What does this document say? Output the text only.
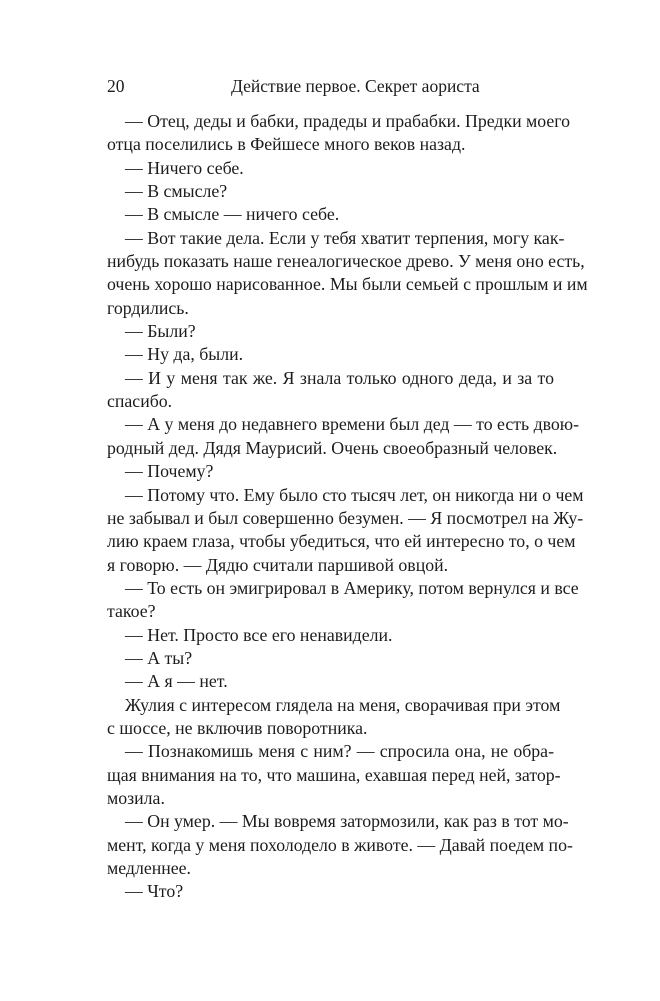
20	Действие первое. Секрет аориста
— Отец, деды и бабки, прадеды и прабабки. Предки моего
отца поселились в Фейшесе много веков назад.
— Ничего себе.
— В смысле?
— В смысле — ничего себе.
— Вот такие дела. Если у тебя хватит терпения, могу как-
нибудь показать наше генеалогическое древо. У меня оно есть,
очень хорошо нарисованное. Мы были семьей с прошлым и им
гордились.
— Были?
— Ну да, были.
— И у меня так же. Я знала только одного деда, и за то
спасибо.
— А у меня до недавнего времени был дед — то есть двою-
родный дед. Дядя Маурисий. Очень своеобразный человек.
— Почему?
— Потому что. Ему было сто тысяч лет, он никогда ни о чем
не забывал и был совершенно безумен. — Я посмотрел на Жу-
лию краем глаза, чтобы убедиться, что ей интересно то, о чем
я говорю. — Дядю считали паршивой овцой.
— То есть он эмигрировал в Америку, потом вернулся и все
такое?
— Нет. Просто все его ненавидели.
— А ты?
— А я — нет.
Жулия с интересом глядела на меня, сворачивая при этом
с шоссе, не включив поворотника.
— Познакомишь меня с ним? — спросила она, не обра-
щая внимания на то, что машина, ехавшая перед ней, затор-
мозила.
— Он умер. — Мы вовремя затормозили, как раз в тот мо-
мент, когда у меня похолодело в животе. — Давай поедем по-
медленнее.
— Что?
